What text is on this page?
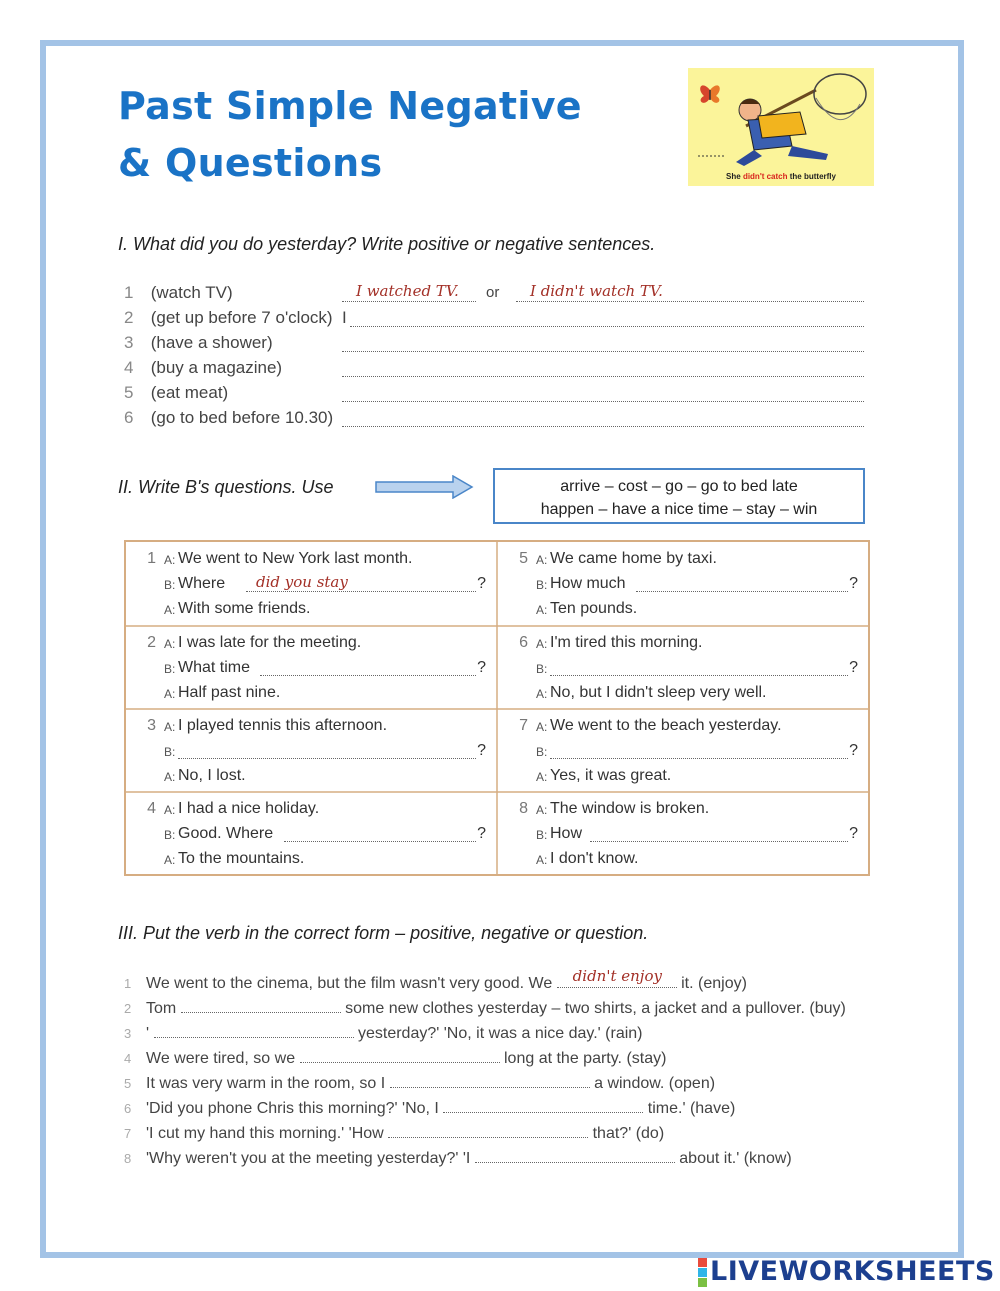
Past Simple Negative
& Questions	She didn't catch the butterfly
I. What did you do yesterday? Write positive or negative sentences.
1 (watch TV)	I watched TV. or I didn't watch TV.
2 (get up before 7 o'clock) I
3 (have a shower)
4 (buy a magazine)
5 (eat meat)
6 (go to bed before 10.30)
II. Write B's questions. Use	arrive – cost – go – go to bed late
happen – have a nice time – stay – win
1 A: We went to New York last month.
B: Where did you stay	?
A: With some friends.
2 A: I was late for the meeting.
B: What time	?
A: Half past nine.
3 A: I played tennis this afternoon.
B:	?
A: No, I lost.
4 A: I had a nice holiday.
B: Good. Where	?
A: To the mountains.
5 A: We came home by taxi.
B: How much	?
A: Ten pounds.
6 A: I'm tired this morning.
B:	?
A: No, but I didn't sleep very well.
7 A: We went to the beach yesterday.
B:	?
A: Yes, it was great.
8 A: The window is broken.
B: How	?
A: I don't know.
III. Put the verb in the correct form – positive, negative or question.
1 We went to the cinema, but the film wasn't very good. We didn't enjoy it. (enjoy)
2 Tom	some new clothes yesterday – two shirts, a jacket and a pullover. (buy)
3 '	yesterday?' 'No, it was a nice day.' (rain)
4 We were tired, so we	long at the party. (stay)
5 It was very warm in the room, so I	a window. (open)
6 'Did you phone Chris this morning?' 'No, I	time.' (have)
7 'I cut my hand this morning.' 'How	that?' (do)
8 'Why weren't you at the meeting yesterday?' 'I	about it.' (know)
LIVEWORKSHEETS
